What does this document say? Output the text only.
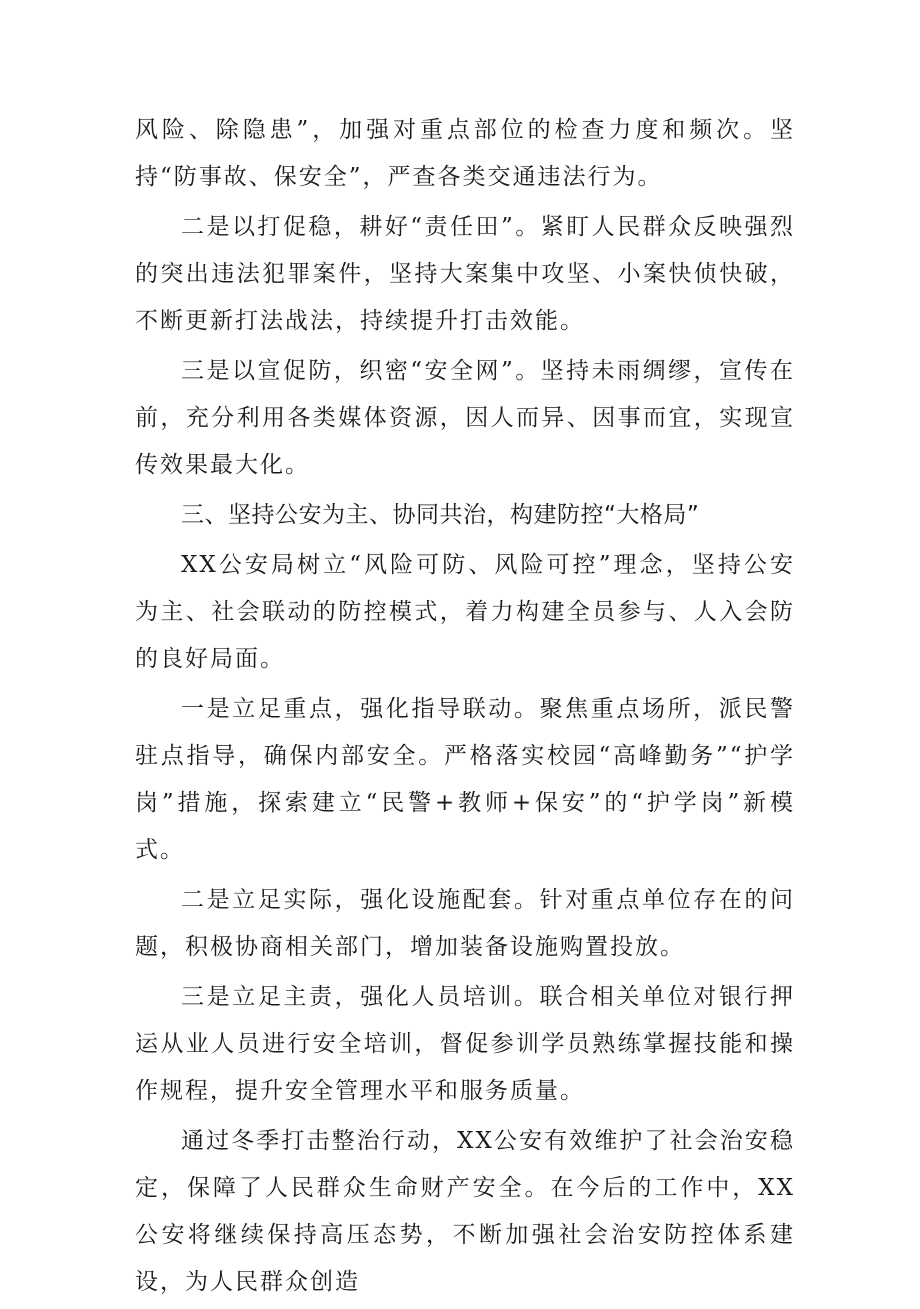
风险、除隐患”，加强对重点部位的检查力度和频次。坚持“防事故、保安全”，严查各类交通违法行为。

二是以打促稳，耕好“责任田”。紧盯人民群众反映强烈的突出违法犯罪案件，坚持大案集中攻坚、小案快侦快破，不断更新打法战法，持续提升打击效能。

三是以宣促防，织密“安全网”。坚持未雨绸缪，宣传在前，充分利用各类媒体资源，因人而异、因事而宜，实现宣传效果最大化。

三、坚持公安为主、协同共治，构建防控“大格局”

XX公安局树立“风险可防、风险可控”理念，坚持公安为主、社会联动的防控模式，着力构建全员参与、人入会防的良好局面。

一是立足重点，强化指导联动。聚焦重点场所，派民警驻点指导，确保内部安全。严格落实校园“高峰勤务”“护学岗”措施，探索建立“民警+教师+保安”的“护学岗”新模式。

二是立足实际，强化设施配套。针对重点单位存在的问题，积极协商相关部门，增加装备设施购置投放。

三是立足主责，强化人员培训。联合相关单位对银行押运从业人员进行安全培训，督促参训学员熟练掌握技能和操作规程，提升安全管理水平和服务质量。

通过冬季打击整治行动，XX公安有效维护了社会治安稳定，保障了人民群众生命财产安全。在今后的工作中，XX公安将继续保持高压态势，不断加强社会治安防控体系建设，为人民群众创造
